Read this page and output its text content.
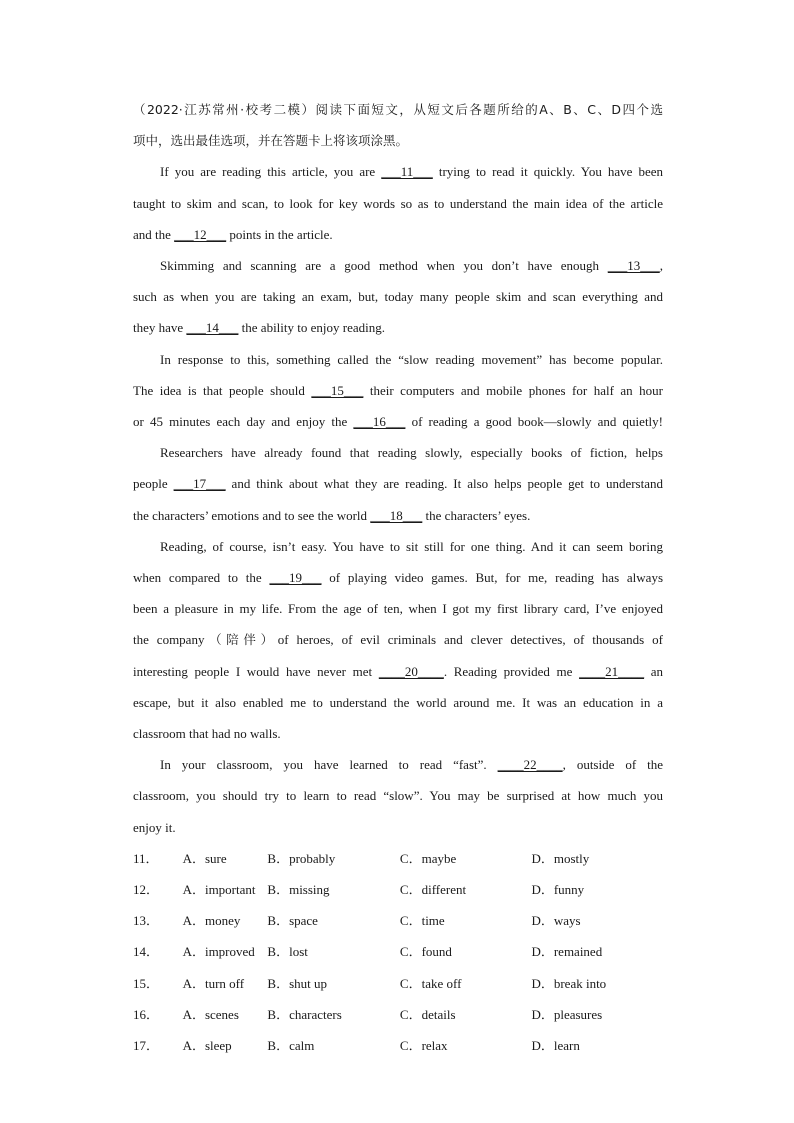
（2022·江苏常州·校考二模）阅读下面短文，从短文后各题所给的A、B、C、D四个选
项中，选出最佳选项，并在答题卡上将该项涂黑。
If you are reading this article, you are ___11___ trying to read it quickly. You have been
taught to skim and scan, to look for key words so as to understand the main idea of the article
and the ___12___ points in the article.
Skimming and scanning are a good method when you don’t have enough ___13___,
such as when you are taking an exam, but, today many people skim and scan everything and
they have ___14___ the ability to enjoy reading.
In response to this, something called the “slow reading movement” has become popular.
The idea is that people should ___15___ their computers and mobile phones for half an hour
or 45 minutes each day and enjoy the ___16___ of reading a good book—slowly and quietly!
Researchers have already found that reading slowly, especially books of fiction, helps
people ___17___ and think about what they are reading. It also helps people get to understand
the characters’ emotions and to see the world ___18___ the characters’ eyes.
Reading, of course, isn’t easy. You have to sit still for one thing. And it can seem boring
when compared to the ___19___ of playing video games. But, for me, reading has always
been a pleasure in my life. From the age of ten, when I got my first library card, I’ve enjoyed
the company（陪伴）of heroes, of evil criminals and clever detectives, of thousands of
interesting people I would have never met ____20____. Reading provided me ____21____ an
escape, but it also enabled me to understand the world around me. It was an education in a
classroom that had no walls.
In your classroom, you have learned to read “fast”. ____22____, outside of the
classroom, you should try to learn to read “slow”. You may be surprised at how much you
enjoy it.
11．	A．sure	B．probably	C．maybe	D．mostly
12．	A．important B．missing	C．different	D．funny
13．	A．money	B．space	C．time	D．ways
14．	A．improved B．lost	C．found	D．remained
15．	A．turn off	B．shut up	C．take off	D．break into
16．	A．scenes	B．characters	C．details	D．pleasures
17．	A．sleep	B．calm	C．relax	D．learn
